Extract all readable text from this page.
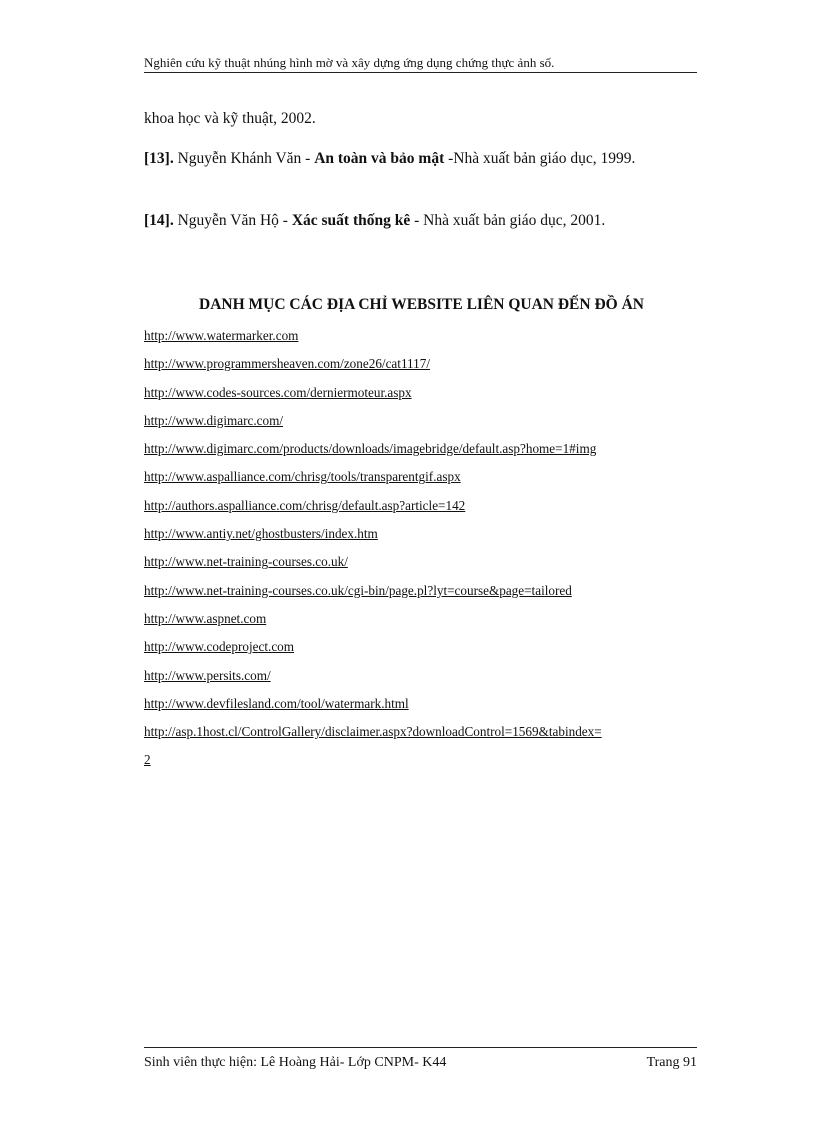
Nghiên cứu kỹ thuật nhúng hình mờ và xây dựng ứng dụng chứng thực ảnh số.
khoa học và kỹ thuật, 2002.
[13]. Nguyễn Khánh Văn - An toàn và bảo mật -Nhà xuất bản giáo dục, 1999.
[14]. Nguyễn Văn Hộ - Xác suất thống kê - Nhà xuất bản giáo dục, 2001.
DANH MỤC CÁC ĐỊA CHỈ WEBSITE LIÊN QUAN ĐẾN ĐỒ ÁN
http://www.watermarker.com
http://www.programmersheaven.com/zone26/cat1117/
http://www.codes-sources.com/derniermoteur.aspx
http://www.digimarc.com/
http://www.digimarc.com/products/downloads/imagebridge/default.asp?home=1#img
http://www.aspalliance.com/chrisg/tools/transparentgif.aspx
http://authors.aspalliance.com/chrisg/default.asp?article=142
http://www.antiy.net/ghostbusters/index.htm
http://www.net-training-courses.co.uk/
http://www.net-training-courses.co.uk/cgi-bin/page.pl?lyt=course&page=tailored
http://www.aspnet.com
http://www.codeproject.com
http://www.persits.com/
http://www.devfilesland.com/tool/watermark.html
http://asp.1host.cl/ControlGallery/disclaimer.aspx?downloadControl=1569&tabindex=
2
Sinh viên thực hiện: Lê Hoàng Hải- Lớp CNPM- K44	Trang 91
